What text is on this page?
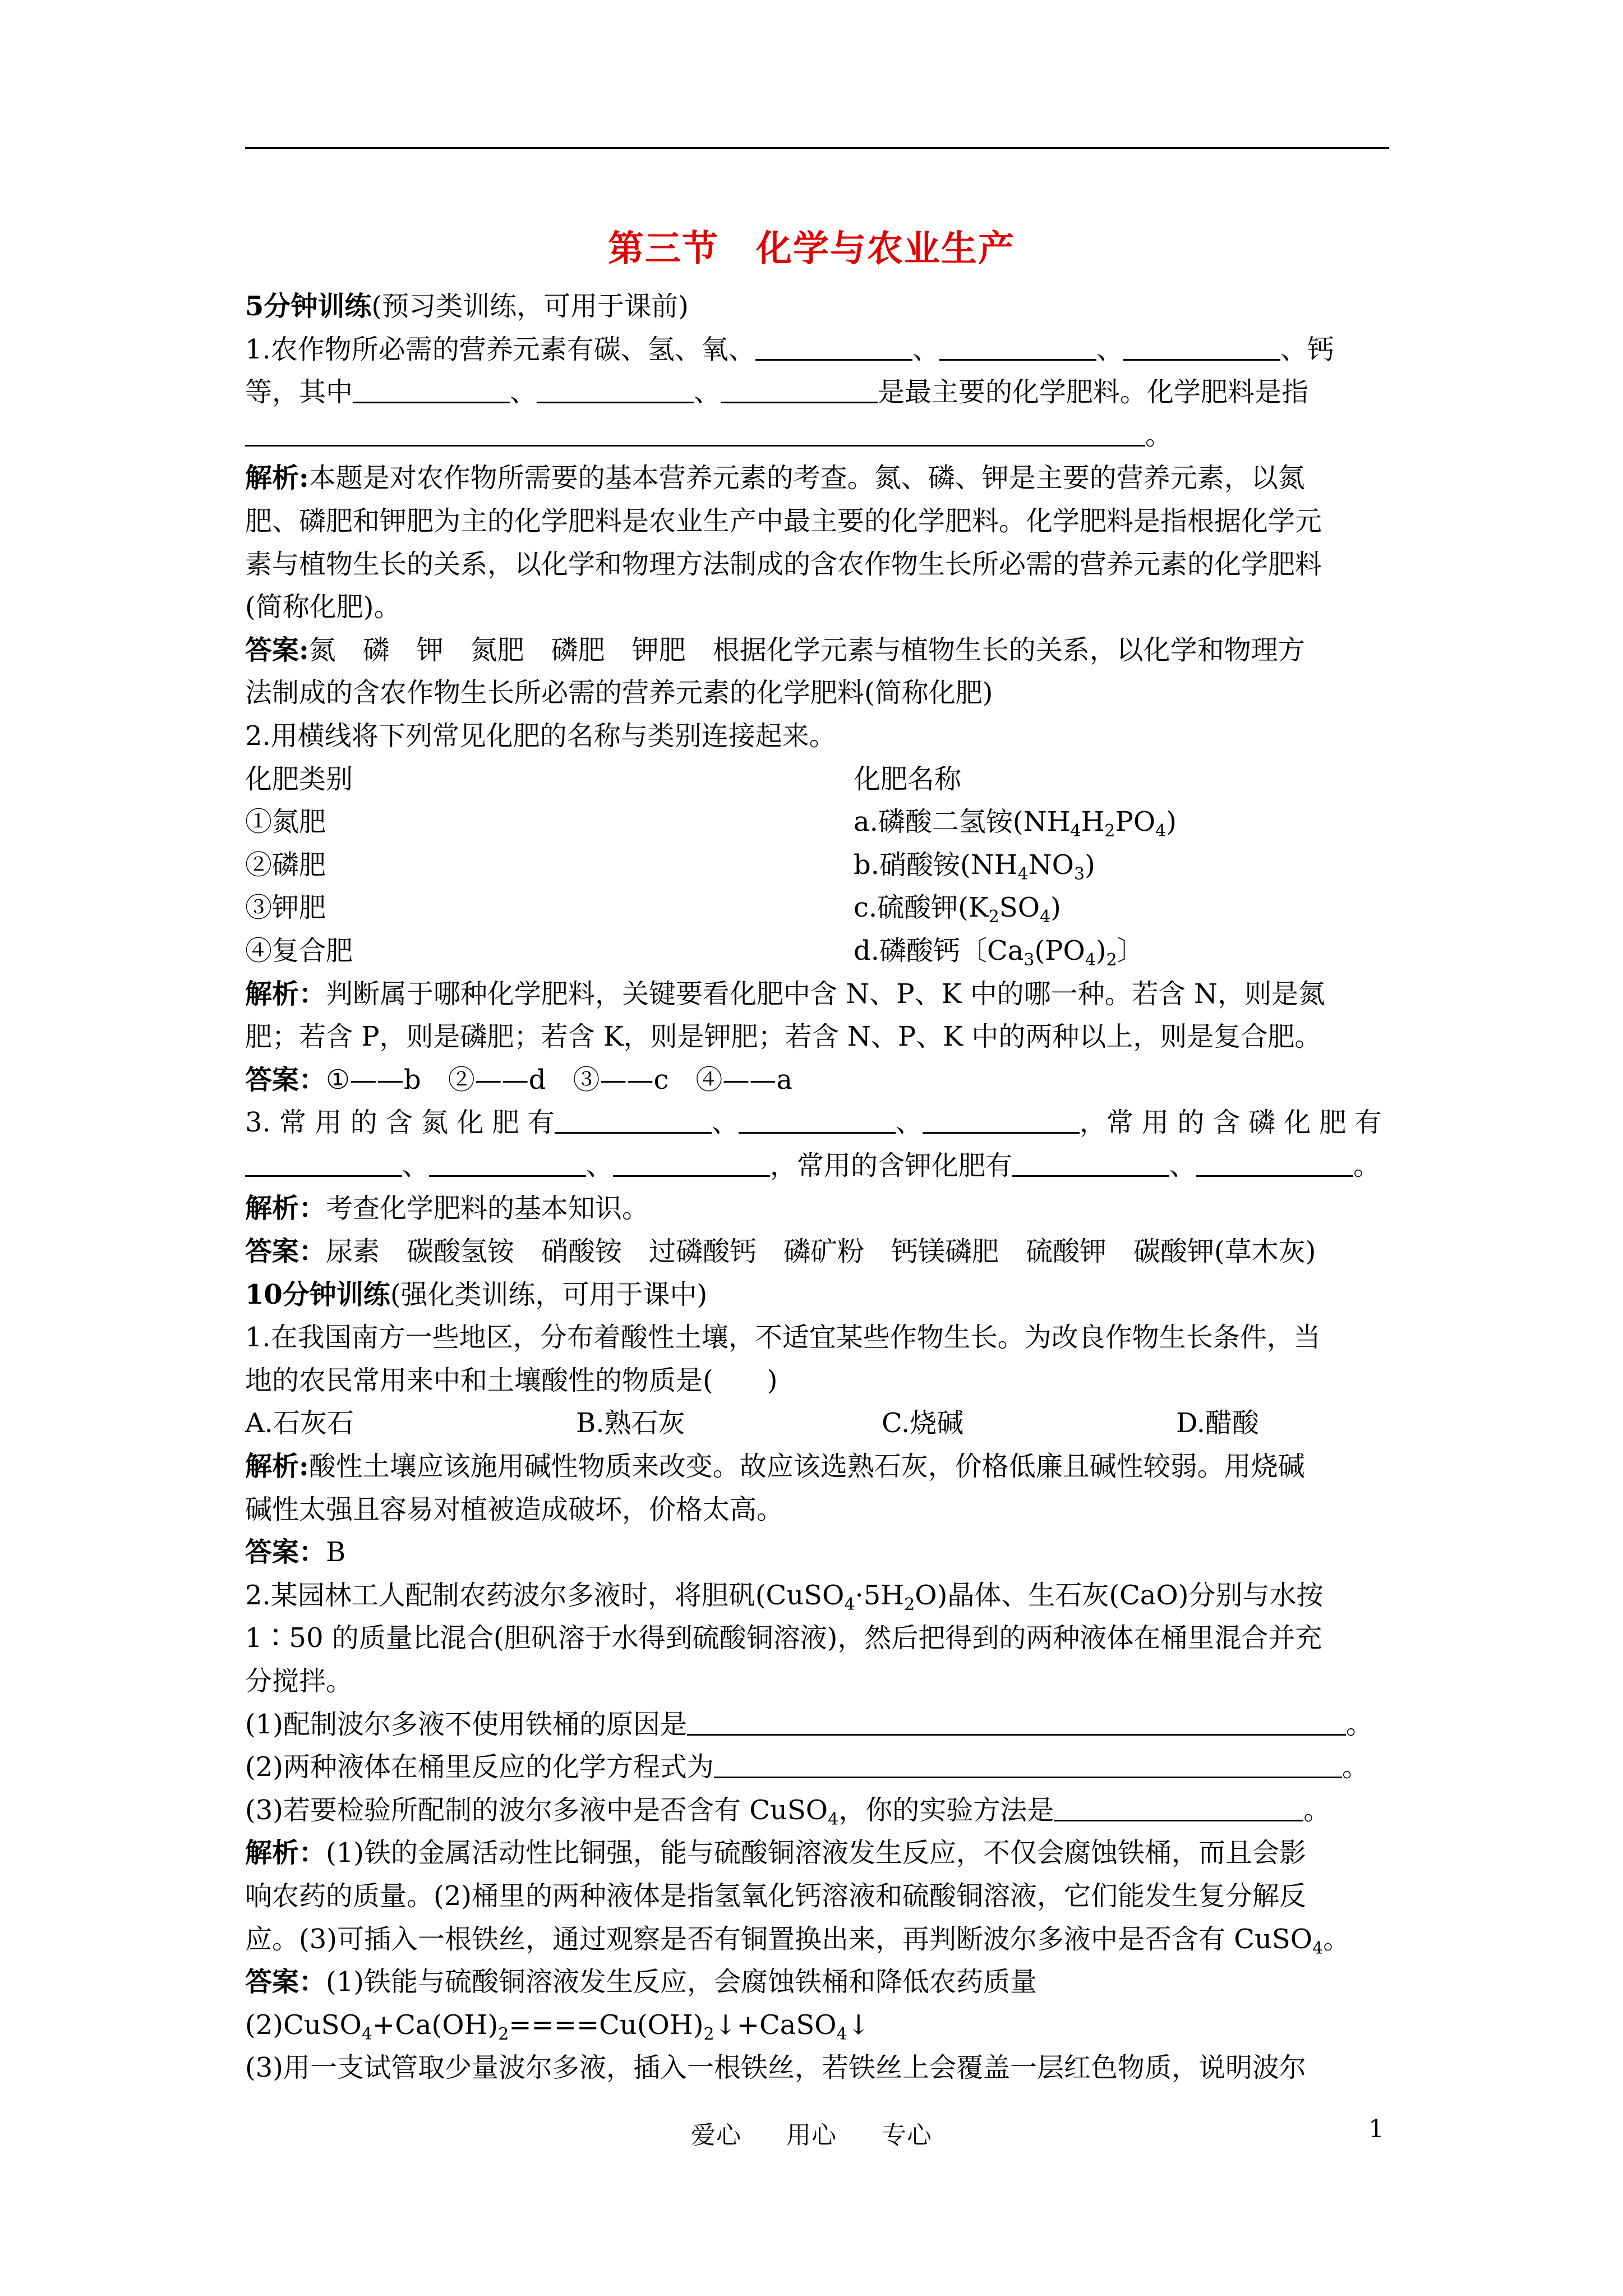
第三节　化学与农业生产
5分钟训练(预习类训练，可用于课前)
1.农作物所必需的营养元素有碳、氢、氧、	、	、	、钙
等，其中	、	、	是最主要的化学肥料。化学肥料是指
。
解析:本题是对农作物所需要的基本营养元素的考查。氮、磷、钾是主要的营养元素，以氮
肥、磷肥和钾肥为主的化学肥料是农业生产中最主要的化学肥料。化学肥料是指根据化学元
素与植物生长的关系，以化学和物理方法制成的含农作物生长所必需的营养元素的化学肥料
(简称化肥)。
答案:氮　磷　钾　氮肥　磷肥　钾肥　根据化学元素与植物生长的关系，以化学和物理方
法制成的含农作物生长所必需的营养元素的化学肥料(简称化肥)
2.用横线将下列常见化肥的名称与类别连接起来。
化肥类别	化肥名称
①氮肥	a.磷酸二氢铵$(NH_4H_2PO_4)$
②磷肥	b.硝酸铵$(NH_4NO_3)$
③钾肥	c.硫酸钾$(K_2SO_4)$
④复合肥	d.磷酸钙〔$Ca_3(PO_4)_2$〕
解析：判断属于哪种化学肥料，关键要看化肥中含 N、P、K 中的哪一种。若含 N，则是氮
肥；若含 P，则是磷肥；若含 K，则是钾肥；若含 N、P、K 中的两种以上，则是复合肥。
答案：①——b　②——d　③——c　④——a
3. 常 用 的 含 氮 化 肥 有	、	、	，常 用 的 含 磷 化 肥 有
、	、	，常用的含钾化肥有	、	。
解析：考查化学肥料的基本知识。
答案：尿素　碳酸氢铵　硝酸铵　过磷酸钙　磷矿粉　钙镁磷肥　硫酸钾　碳酸钾(草木灰)
10分钟训练(强化类训练，可用于课中)
1.在我国南方一些地区，分布着酸性土壤，不适宜某些作物生长。为改良作物生长条件，当
地的农民常用来中和土壤酸性的物质是(　　)
A.石灰石	B.熟石灰	C.烧碱	D.醋酸
解析:酸性土壤应该施用碱性物质来改变。故应该选熟石灰，价格低廉且碱性较弱。用烧碱
碱性太强且容易对植被造成破坏，价格太高。
答案：B
2.某园林工人配制农药波尔多液时，将胆矾$(CuSO_4\cdot 5H_2O)$晶体、生石灰(CaO)分别与水按
1∶50 的质量比混合(胆矾溶于水得到硫酸铜溶液)，然后把得到的两种液体在桶里混合并充
分搅拌。
(1)配制波尔多液不使用铁桶的原因是	。
(2)两种液体在桶里反应的化学方程式为	。
(3)若要检验所配制的波尔多液中是否含有 CuSO$_4$，你的实验方法是	。
解析：(1)铁的金属活动性比铜强，能与硫酸铜溶液发生反应，不仅会腐蚀铁桶，而且会影
响农药的质量。(2)桶里的两种液体是指氢氧化钙溶液和硫酸铜溶液，它们能发生复分解反
应。(3)可插入一根铁丝，通过观察是否有铜置换出来，再判断波尔多液中是否含有 CuSO$_4$。
答案：(1)铁能与硫酸铜溶液发生反应，会腐蚀铁桶和降低农药质量
$(2)CuSO_4+Ca(OH)_2====Cu(OH)_2↓+CaSO_4↓$
(3)用一支试管取少量波尔多液，插入一根铁丝，若铁丝上会覆盖一层红色物质，说明波尔
爱心 用心 专心	1
